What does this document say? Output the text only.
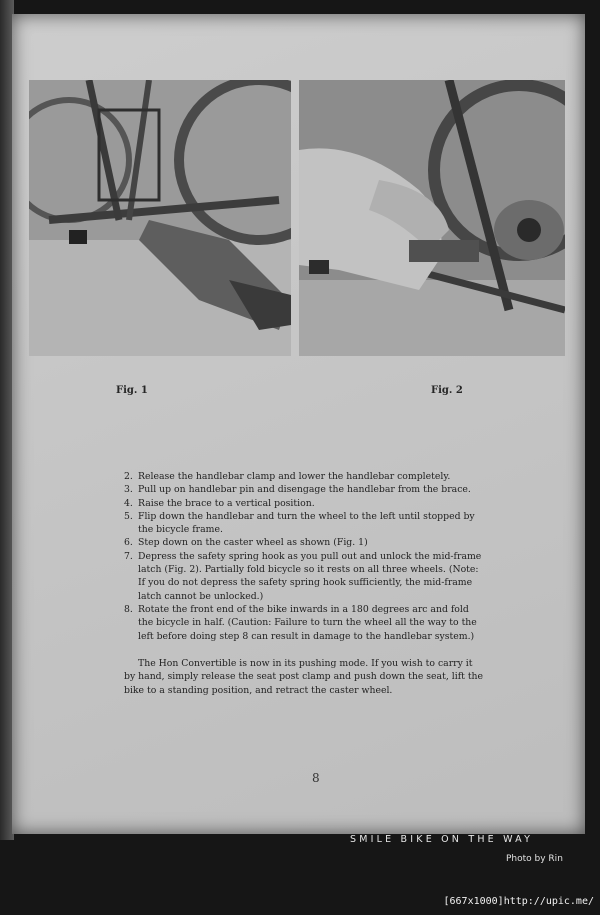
Fig. 1	Fig. 2
2. Release the handlebar clamp and lower the handlebar completely.
3. Pull up on handlebar pin and disengage the handlebar from the brace.
4. Raise the brace to a vertical position.
5. Flip down the handlebar and turn the wheel to the left until stopped by the bicycle frame.
6. Step down on the caster wheel as shown (Fig. 1)
7. Depress the safety spring hook as you pull out and unlock the mid-frame latch (Fig. 2). Partially fold bicycle so it rests on all three wheels. (Note: If you do not depress the safety spring hook sufficiently, the mid-frame latch cannot be unlocked.)
8. Rotate the front end of the bike inwards in a 180 degrees arc and fold the bicycle in half. (Caution: Failure to turn the wheel all the way to the left before doing step 8 can result in damage to the handlebar system.)

The Hon Convertible is now in its pushing mode. If you wish to carry it by hand, simply release the seat post clamp and push down the seat, lift the bike to a standing position, and retract the caster wheel.

8
SMILE BIKE ON THE WAY
Photo by Rin
[667x1000]http://upic.me/
